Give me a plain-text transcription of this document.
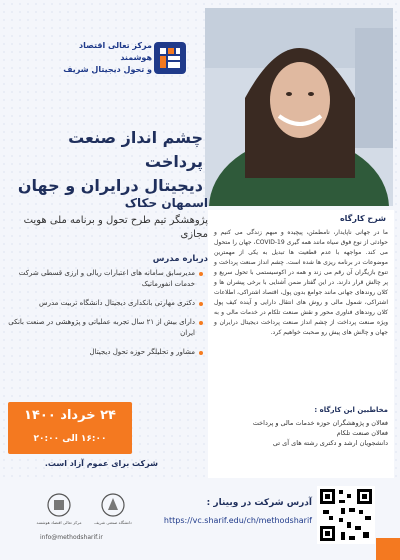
مرکز تعالی اقتصاد هوشمند
و تحول دیجیتال شریف
چشم انداز صنعت پرداخت
دیجیتال درایران و جهان
اسمهان حکاک
پژوهشگر تیم طرح تحول و برنامه ملی هویت مجازی
درباره مدرس
مدیرسابق سامانه های اعتبارات ریالی و ارزی قسطی شرکت خدمات انفورماتیک
دکتری مهارتی بانکداری دیجیتال دانشگاه تربیت مدرس
دارای بیش از ۲۱ سال تجربه عملیاتی و پژوهشی در صنعت بانکی ایران
مشاور و تحلیلگر حوزه تحول دیجیتال
۲۴ خرداد ۱۴۰۰
۱۶:۰۰ الی ۲۰:۰۰
شرکت برای عموم آزاد است.
شرح کارگاه
ما در جهانی ناپایدار، نامطمئن، پیچیده و مبهم زندگی می کنیم و حوادثی از نوع فوق سیاه مانند همه گیری COVID-19، جهان را متحول می کند. مواجهه با عدم قطعیت ها تبدیل به یکی از مهمترین موضوعات در برنامه ریزی ها شده است. چشم انداز صنعت پرداخت و تنوع بازیگران آن رقم می زند و همه در اکوسیستمی با تحول سریع و پر چالش قرار دارند. در این گفتار ضمن آشنایی با برخی پیشران ها و کلان روندهای جهانی مانند جوامع بدون پول، اقتصاد اشتراکی، اطلاعات اشتراکی، شمول مالی و روش های انتقال دارایی و آینده کیف پول کلان روندهای فناوری محور و نقش صنعت تلکام در خدمات مالی و به ویژه صنعت پرداخت از چشم انداز صنعت پرداخت دیجیتال درایران و جهان و چالش های پیش رو صحبت خواهیم کرد.
مخاطبین این کارگاه :
فعالان و پژوهشگران حوزه خدمات مالی و پرداخت
فعالان صنعت تلکام
دانشجویان ارشد و دکتری رشته های آی تی
آدرس شرکت در وبینار :
https://vc.sharif.edu/ch/methodsharif
مرکز تعالی اقتصاد هوشمند	دانشگاه صنعتی شریف
info@methodsharif.ir
